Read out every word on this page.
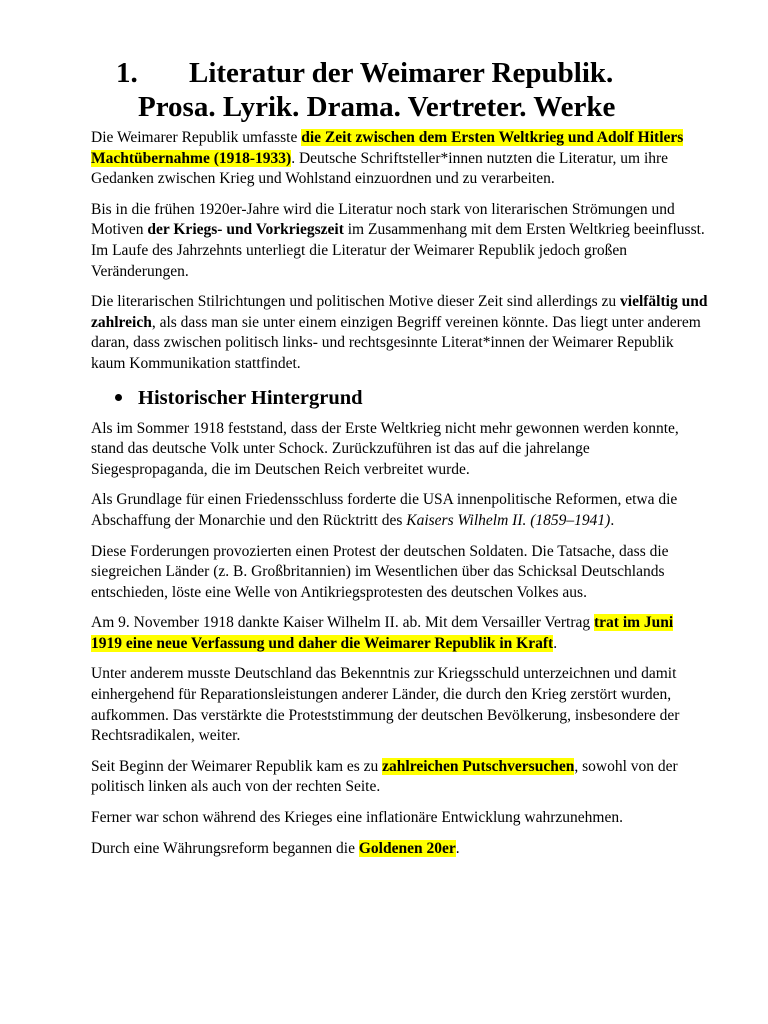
1. Literatur der Weimarer Republik.
Prosa. Lyrik. Drama. Vertreter. Werke

Die Weimarer Republik umfasste die Zeit zwischen dem Ersten Weltkrieg und Adolf Hitlers Machtübernahme (1918-1933). Deutsche Schriftsteller*innen nutzten die Literatur, um ihre Gedanken zwischen Krieg und Wohlstand einzuordnen und zu verarbeiten.

Bis in die frühen 1920er-Jahre wird die Literatur noch stark von literarischen Strömungen und Motiven der Kriegs- und Vorkriegszeit im Zusammenhang mit dem Ersten Weltkrieg beeinflusst. Im Laufe des Jahrzehnts unterliegt die Literatur der Weimarer Republik jedoch großen Veränderungen.

Die literarischen Stilrichtungen und politischen Motive dieser Zeit sind allerdings zu vielfältig und zahlreich, als dass man sie unter einem einzigen Begriff vereinen könnte. Das liegt unter anderem daran, dass zwischen politisch links- und rechtsgesinnte Literat*innen der Weimarer Republik kaum Kommunikation stattfindet.

Historischer Hintergrund

Als im Sommer 1918 feststand, dass der Erste Weltkrieg nicht mehr gewonnen werden konnte, stand das deutsche Volk unter Schock. Zurückzuführen ist das auf die jahrelange Siegespropaganda, die im Deutschen Reich verbreitet wurde.

Als Grundlage für einen Friedensschluss forderte die USA innenpolitische Reformen, etwa die Abschaffung der Monarchie und den Rücktritt des Kaisers Wilhelm II. (1859–1941).

Diese Forderungen provozierten einen Protest der deutschen Soldaten. Die Tatsache, dass die siegreichen Länder (z. B. Großbritannien) im Wesentlichen über das Schicksal Deutschlands entschieden, löste eine Welle von Antikriegsprotesten des deutschen Volkes aus.

Am 9. November 1918 dankte Kaiser Wilhelm II. ab. Mit dem Versailler Vertrag trat im Juni 1919 eine neue Verfassung und daher die Weimarer Republik in Kraft.

Unter anderem musste Deutschland das Bekenntnis zur Kriegsschuld unterzeichnen und damit einhergehend für Reparationsleistungen anderer Länder, die durch den Krieg zerstört wurden, aufkommen. Das verstärkte die Proteststimmung der deutschen Bevölkerung, insbesondere der Rechtsradikalen, weiter.

Seit Beginn der Weimarer Republik kam es zu zahlreichen Putschversuchen, sowohl von der politisch linken als auch von der rechten Seite.

Ferner war schon während des Krieges eine inflationäre Entwicklung wahrzunehmen.

Durch eine Währungsreform begannen die Goldenen 20er.
